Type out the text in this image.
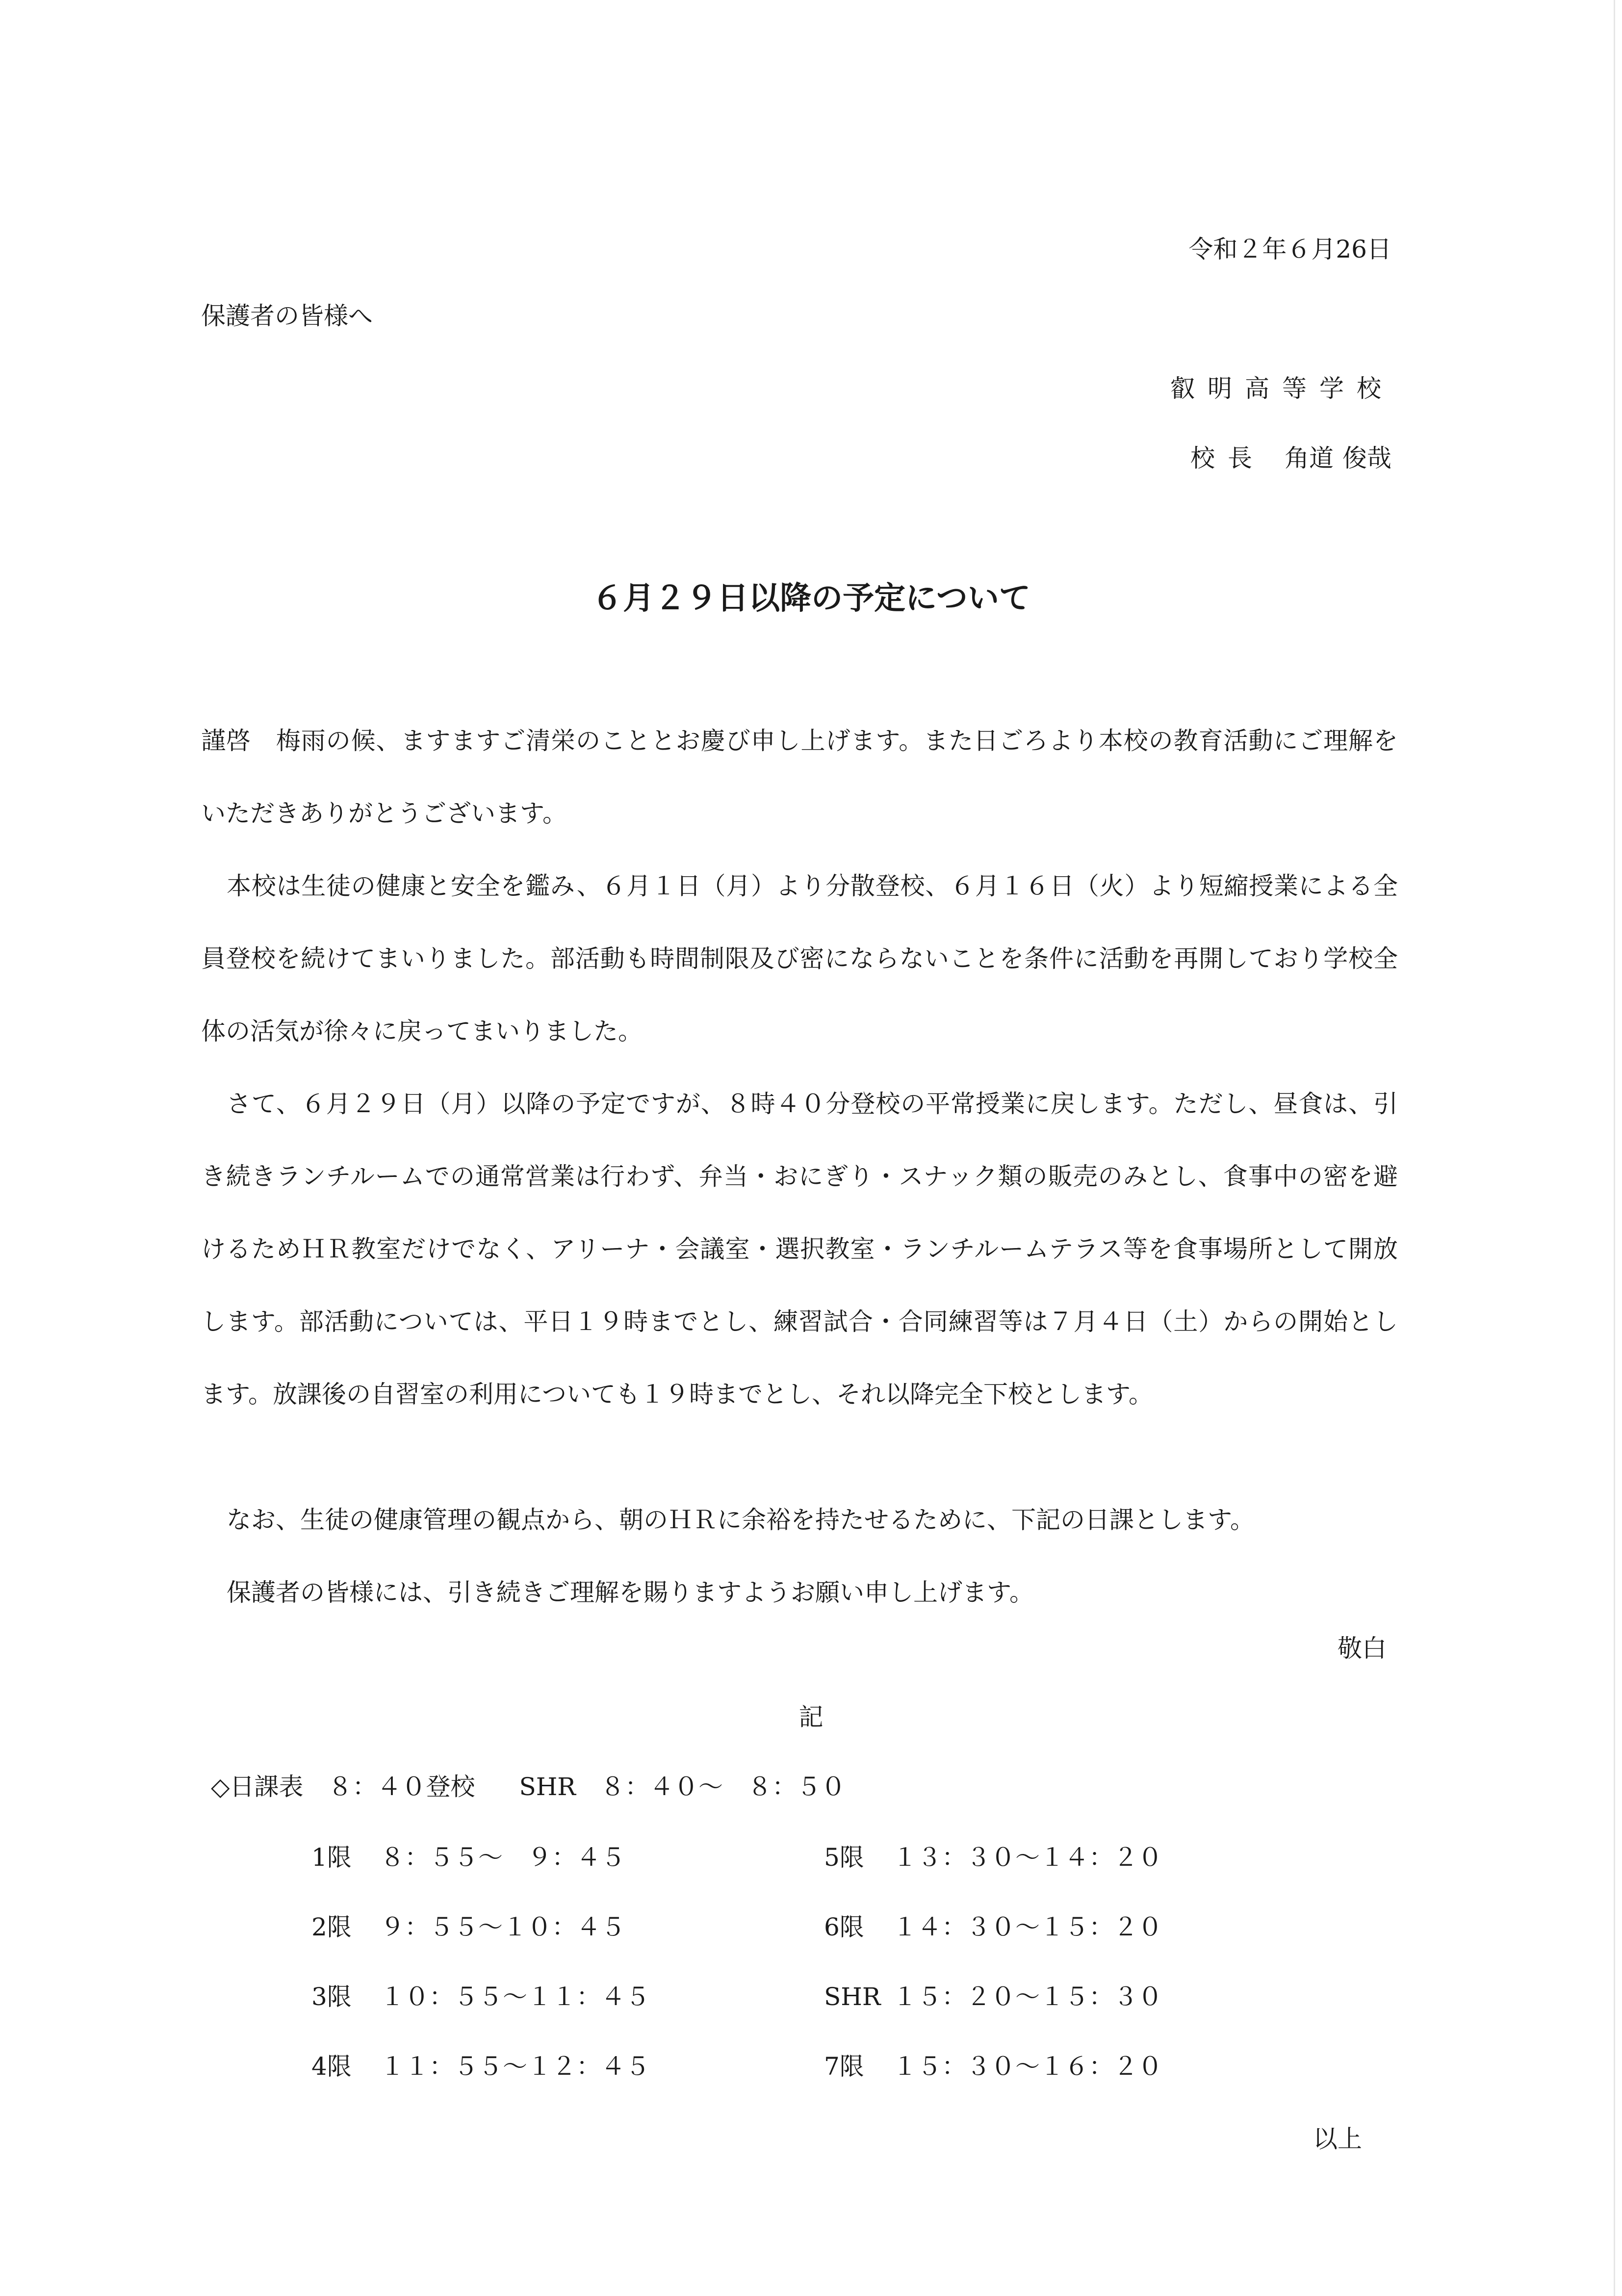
令和２年６月26日
保護者の皆様へ
叡明高等学校
校長 角道 俊哉
６月２９日以降の予定について
謹啓　梅雨の候、ますますご清栄のこととお慶び申し上げます。また日ごろより本校の教育活動にご理解をいただきありがとうございます。
本校は生徒の健康と安全を鑑み、６月１日（月）より分散登校、６月１６日（火）より短縮授業による全員登校を続けてまいりました。部活動も時間制限及び密にならないことを条件に活動を再開しており学校全体の活気が徐々に戻ってまいりました。
さて、６月２９日（月）以降の予定ですが、８時４０分登校の平常授業に戻します。ただし、昼食は、引き続きランチルームでの通常営業は行わず、弁当・おにぎり・スナック類の販売のみとし、食事中の密を避けるためＨＲ教室だけでなく、アリーナ・会議室・選択教室・ランチルームテラス等を食事場所として開放します。部活動については、平日１９時までとし、練習試合・合同練習等は７月４日（土）からの開始とします。放課後の自習室の利用についても１９時までとし、それ以降完全下校とします。
なお、生徒の健康管理の観点から、朝のＨＲに余裕を持たせるために、下記の日課とします。
保護者の皆様には、引き続きご理解を賜りますようお願い申し上げます。
敬白
記
◇日課表 ８：４０登校 SHR ８：４０～　８：５０
1限 ８：５５～　９：４５
2限 ９：５５～１０：４５
3限 １０：５５～１１：４５
4限 １１：５５～１２：４５
5限 １３：３０～１４：２０
6限 １４：３０～１５：２０
SHR １５：２０～１５：３０
7限 １５：３０～１６：２０
以上
